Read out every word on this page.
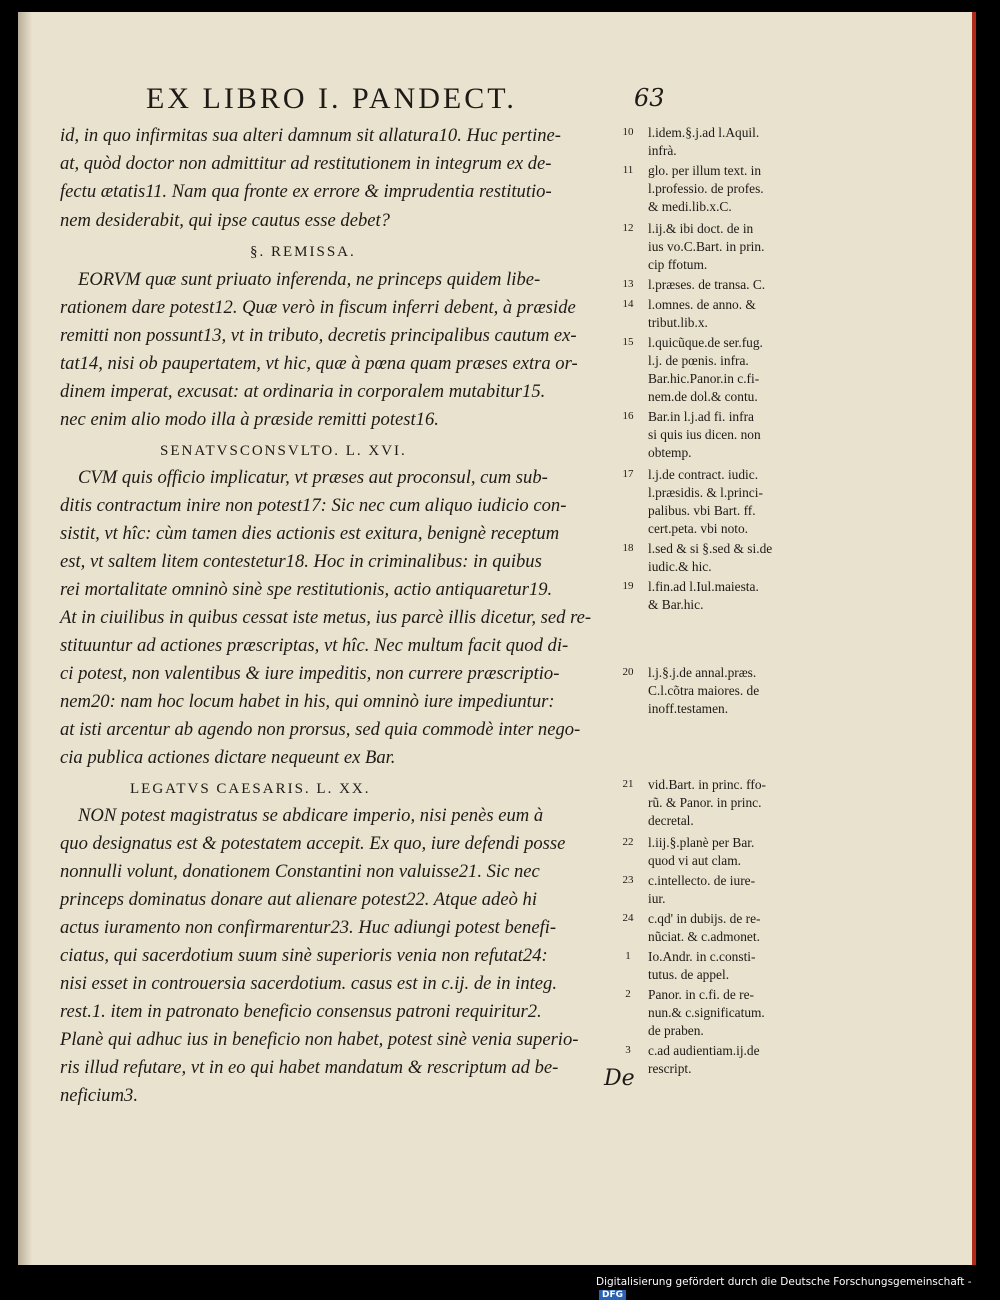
EX LIBRO I. PANDECT.	63
id, in quo infirmitas sua alteri damnum sit allatura10. Huc pertine-
at, quòd doctor non admittitur ad restitutionem in integrum ex de-
fectu ætatis11. Nam qua fronte ex errore & imprudentia restitutio-
nem desiderabit, qui ipse cautus esse debet?
§. REMISSA.
EORVM quæ sunt priuato inferenda, ne princeps quidem libe-
rationem dare potest12. Quæ verò in fiscum inferri debent, à præside
remitti non possunt13, vt in tributo, decretis principalibus cautum ex-
tat14, nisi ob paupertatem, vt hic, quæ à pœna quam præses extra or-
dinem imperat, excusat: at ordinaria in corporalem mutabitur15.
nec enim alio modo illa à præside remitti potest16.
SENATVSCONSVLTO. L. XVI.
CVM quis officio implicatur, vt præses aut proconsul, cum sub-
ditis contractum inire non potest17: Sic nec cum aliquo iudicio con-
sistit, vt hîc: cùm tamen dies actionis est exitura, benignè receptum
est, vt saltem litem contestetur18. Hoc in criminalibus: in quibus
rei mortalitate omninò sinè spe restitutionis, actio antiquaretur19.
At in ciuilibus in quibus cessat iste metus, ius parcè illis dicetur, sed re-
stituuntur ad actiones præscriptas, vt hîc. Nec multum facit quod di-
ci potest, non valentibus & iure impeditis, non currere præscriptio-
nem20: nam hoc locum habet in his, qui omninò iure impediuntur:
at isti arcentur ab agendo non prorsus, sed quia commodè inter nego-
cia publica actiones dictare nequeunt ex Bar.
LEGATVS CAESARIS. L. XX.
NON potest magistratus se abdicare imperio, nisi penès eum à
quo designatus est & potestatem accepit. Ex quo, iure defendi posse
nonnulli volunt, donationem Constantini non valuisse21. Sic nec
princeps dominatus donare aut alienare potest22. Atque adeò hi
actus iuramento non confirmarentur23. Huc adiungi potest benefi-
ciatus, qui sacerdotium suum sinè superioris venia non refutat24:
nisi esset in controuersia sacerdotium. casus est in c.ij. de in integ.
rest.1. item in patronato beneficio consensus patroni requiritur2.
Planè qui adhuc ius in beneficio non habet, potest sinè venia superio-
ris illud refutare, vt in eo qui habet mandatum & rescriptum ad be-
neficium3.
10	l.idem.§.j.ad l.Aquil.
infrà.
11	glo. per illum text. in
l.professio. de profes.
& medi.lib.x.C.
12	l.ij.& ibi doct. de in
ius vo.C.Bart. in prin.
cip ffotum.
13	l.præses. de transa. C.
14	l.omnes. de anno. &
tribut.lib.x.
15	l.quicũque.de ser.fug.
l.j. de pœnis. infra.
Bar.hic.Panor.in c.fi-
nem.de dol.& contu.
16	Bar.in l.j.ad fi. infra
si quis ius dicen. non
obtemp.
17	l.j.de contract. iudic.
l.præsidis. & l.princi-
palibus. vbi Bart. ff.
cert.peta. vbi noto.
18	l.sed & si §.sed & si.de
iudic.& hic.
19	l.fin.ad l.Iul.maiesta.
& Bar.hic.
20	l.j.§.j.de annal.præs.
C.l.cõtra maiores. de
inoff.testamen.
21	vid.Bart. in princ. ffo-
rũ. & Panor. in princ.
decretal.
22	l.iij.§.planè per Bar.
quod vi aut clam.
23	c.intellecto. de iure-
iur.
24	c.qd' in dubijs. de re-
nũciat. & c.admonet.
1	Io.Andr. in c.consti-
tutus. de appel.
2	Panor. in c.fi. de re-
nun.& c.significatum.
de praben.
3	c.ad audientiam.ij.de
rescript.
De
Digitalisierung gefördert durch die Deutsche Forschungsgemeinschaft -DFG
